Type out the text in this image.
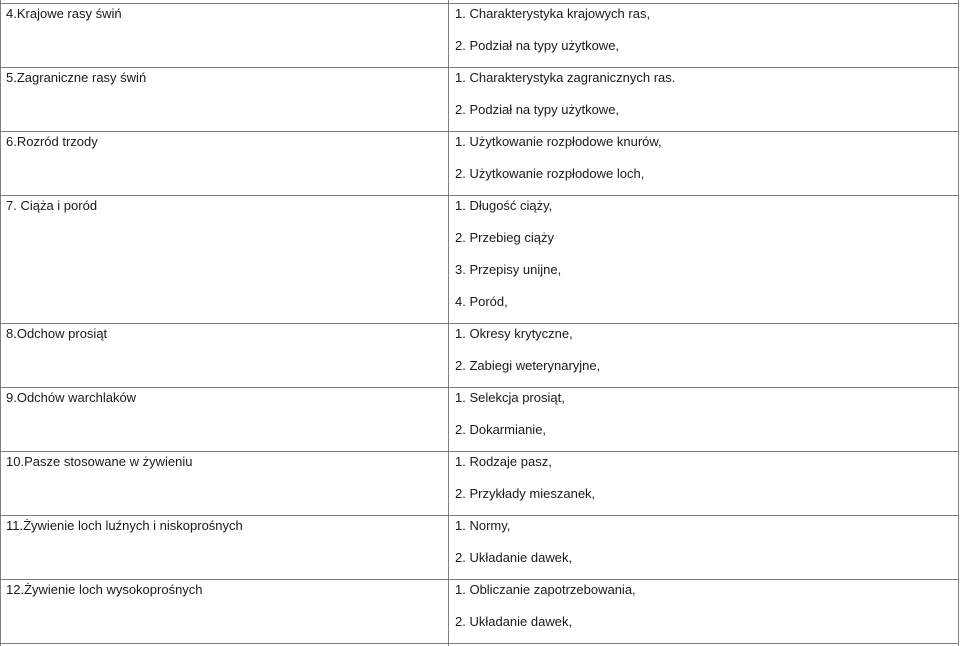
4.Krajowe rasy świń	1. Charakterystyka krajowych ras,
2. Podział na typy użytkowe,
5.Zagraniczne rasy świń	1. Charakterystyka zagranicznych ras.
2. Podział na typy użytkowe,
6.Rozród trzody	1. Użytkowanie rozpłodowe knurów,
2. Użytkowanie rozpłodowe loch,
7. Ciąża i poród	1. Długość ciąży,
2. Przebieg ciąży
3. Przepisy unijne,
4. Poród,
8.Odchow prosiąt	1. Okresy krytyczne,
2. Zabiegi weterynaryjne,
9.Odchów warchlaków	1. Selekcja prosiąt,
2. Dokarmianie,
10.Pasze stosowane w żywieniu	1. Rodzaje pasz,
2. Przykłady mieszanek,
11.Żywienie loch luźnych i niskoprośnych	1. Normy,
2. Układanie dawek,
12.Żywienie loch wysokoprośnych	1. Obliczanie zapotrzebowania,
2. Układanie dawek,
